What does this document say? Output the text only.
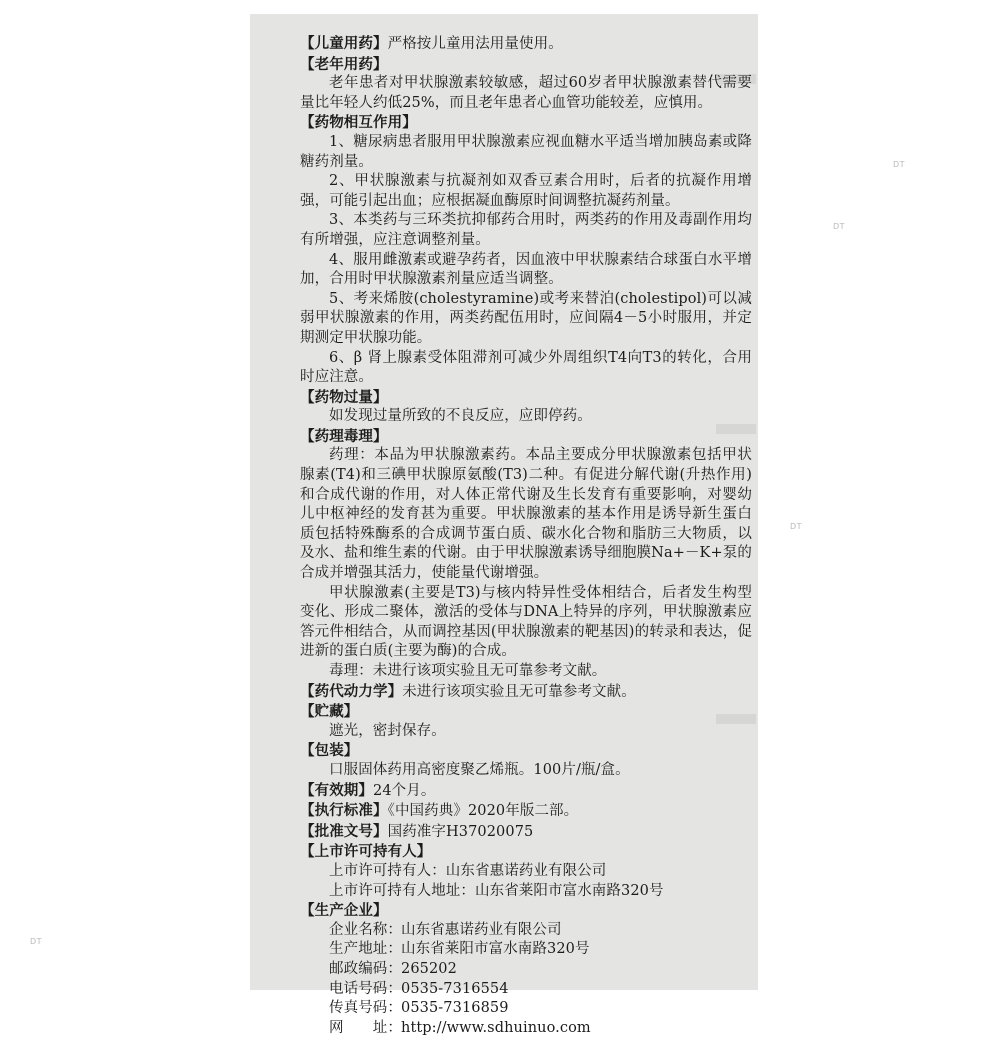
【儿童用药】严格按儿童用法用量使用。
【老年用药】

老年患者对甲状腺激素较敏感，超过60岁者甲状腺激素替代需要量比年轻人约低25%，而且老年患者心血管功能较差，应慎用。

【药物相互作用】

1、糖尿病患者服用甲状腺激素应视血糖水平适当增加胰岛素或降糖药剂量。

2、甲状腺激素与抗凝剂如双香豆素合用时，后者的抗凝作用增强，可能引起出血；应根据凝血酶原时间调整抗凝药剂量。

3、本类药与三环类抗抑郁药合用时，两类药的作用及毒副作用均有所增强，应注意调整剂量。

4、服用雌激素或避孕药者，因血液中甲状腺素结合球蛋白水平增加，合用时甲状腺激素剂量应适当调整。

5、考来烯胺(cholestyramine)或考来替泊(cholestipol)可以减弱甲状腺激素的作用，两类药配伍用时，应间隔4－5小时服用，并定期测定甲状腺功能。

6、β 肾上腺素受体阻滞剂可减少外周组织T4向T3的转化，合用时应注意。

【药物过量】

如发现过量所致的不良反应，应即停药。

【药理毒理】

药理：本品为甲状腺激素药。本品主要成分甲状腺激素包括甲状腺素(T4)和三碘甲状腺原氨酸(T3)二种。有促进分解代谢(升热作用)和合成代谢的作用，对人体正常代谢及生长发育有重要影响，对婴幼儿中枢神经的发育甚为重要。甲状腺激素的基本作用是诱导新生蛋白质包括特殊酶系的合成调节蛋白质、碳水化合物和脂肪三大物质，以及水、盐和维生素的代谢。由于甲状腺激素诱导细胞膜Na+－K+泵的合成并增强其活力，使能量代谢增强。

甲状腺激素(主要是T3)与核内特异性受体相结合，后者发生构型变化、形成二聚体，激活的受体与DNA上特异的序列，甲状腺激素应答元件相结合，从而调控基因(甲状腺激素的靶基因)的转录和表达，促进新的蛋白质(主要为酶)的合成。

毒理：未进行该项实验且无可靠参考文献。

【药代动力学】未进行该项实验且无可靠参考文献。
【贮藏】

遮光，密封保存。

【包装】

口服固体药用高密度聚乙烯瓶。100片/瓶/盒。

【有效期】24个月。
【执行标准】《中国药典》2020年版二部。
【批准文号】国药准字H37020075
【上市许可持有人】
上市许可持有人：山东省惠诺药业有限公司
上市许可持有人地址：山东省莱阳市富水南路320号
【生产企业】
企业名称：山东省惠诺药业有限公司
生产地址：山东省莱阳市富水南路320号
邮政编码：265202
电话号码：0535-7316554
传真号码：0535-7316859
网　　址：http://www.sdhuinuo.com
DT
DT
DT
DT
